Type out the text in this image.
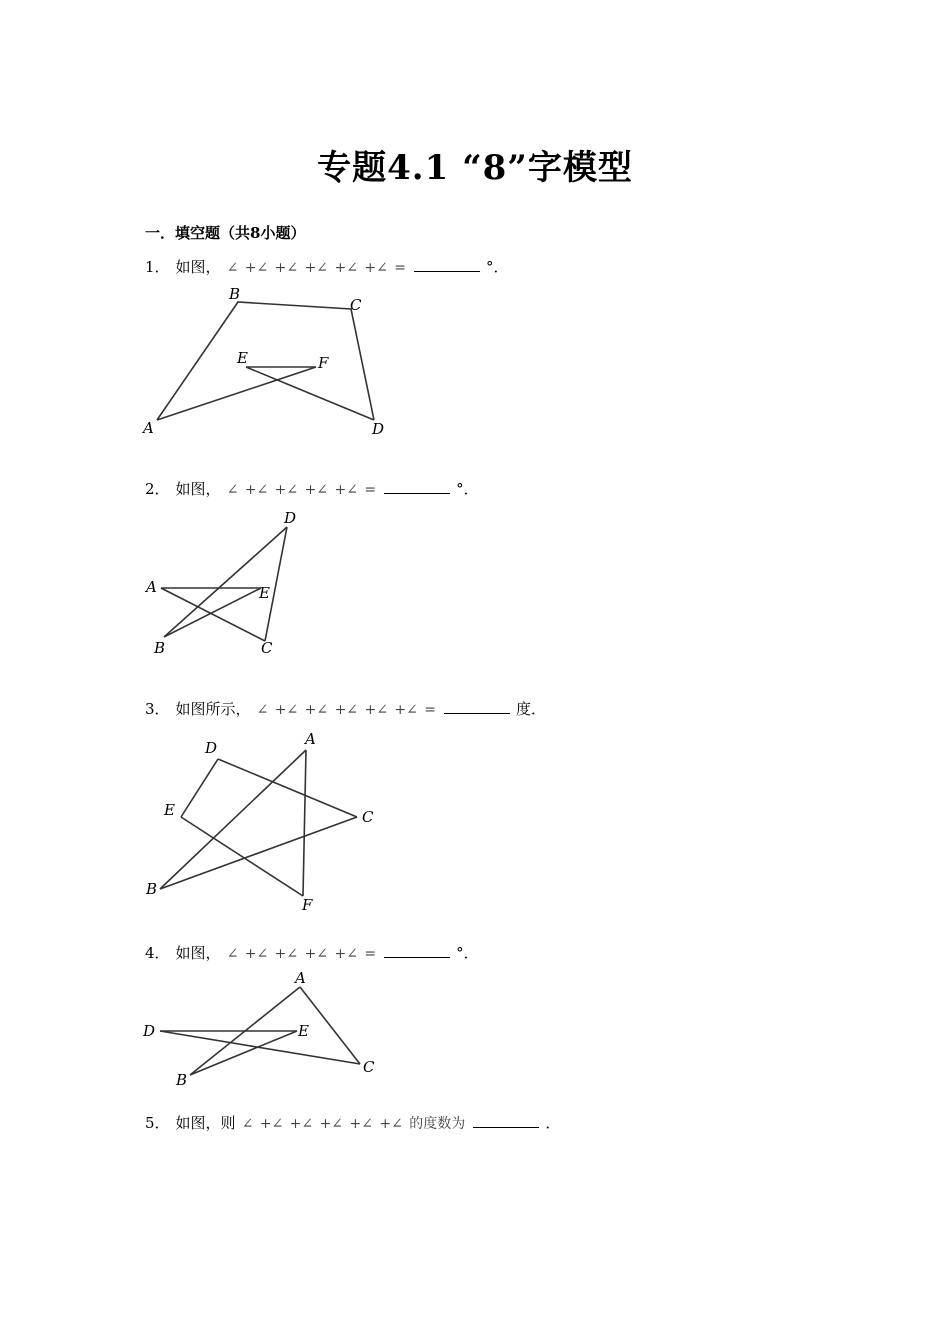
专题4.1 “8”字模型
一．填空题（共8小题）
1． 如图， ∠ +∠ +∠ +∠ +∠ +∠ =	°．
A
B
C
D
E	F
2． 如图， ∠ +∠ +∠ +∠ +∠ =	°．
A
B	C
D
E
3． 如图所示， ∠ +∠ +∠ +∠ +∠ +∠ =	度．
A
B
C
D
E
F
4． 如图， ∠ +∠ +∠ +∠ +∠ =	°．
A
B
C
D	E
5． 如图，则 ∠ +∠ +∠ +∠ +∠ +∠ 的度数为	．
